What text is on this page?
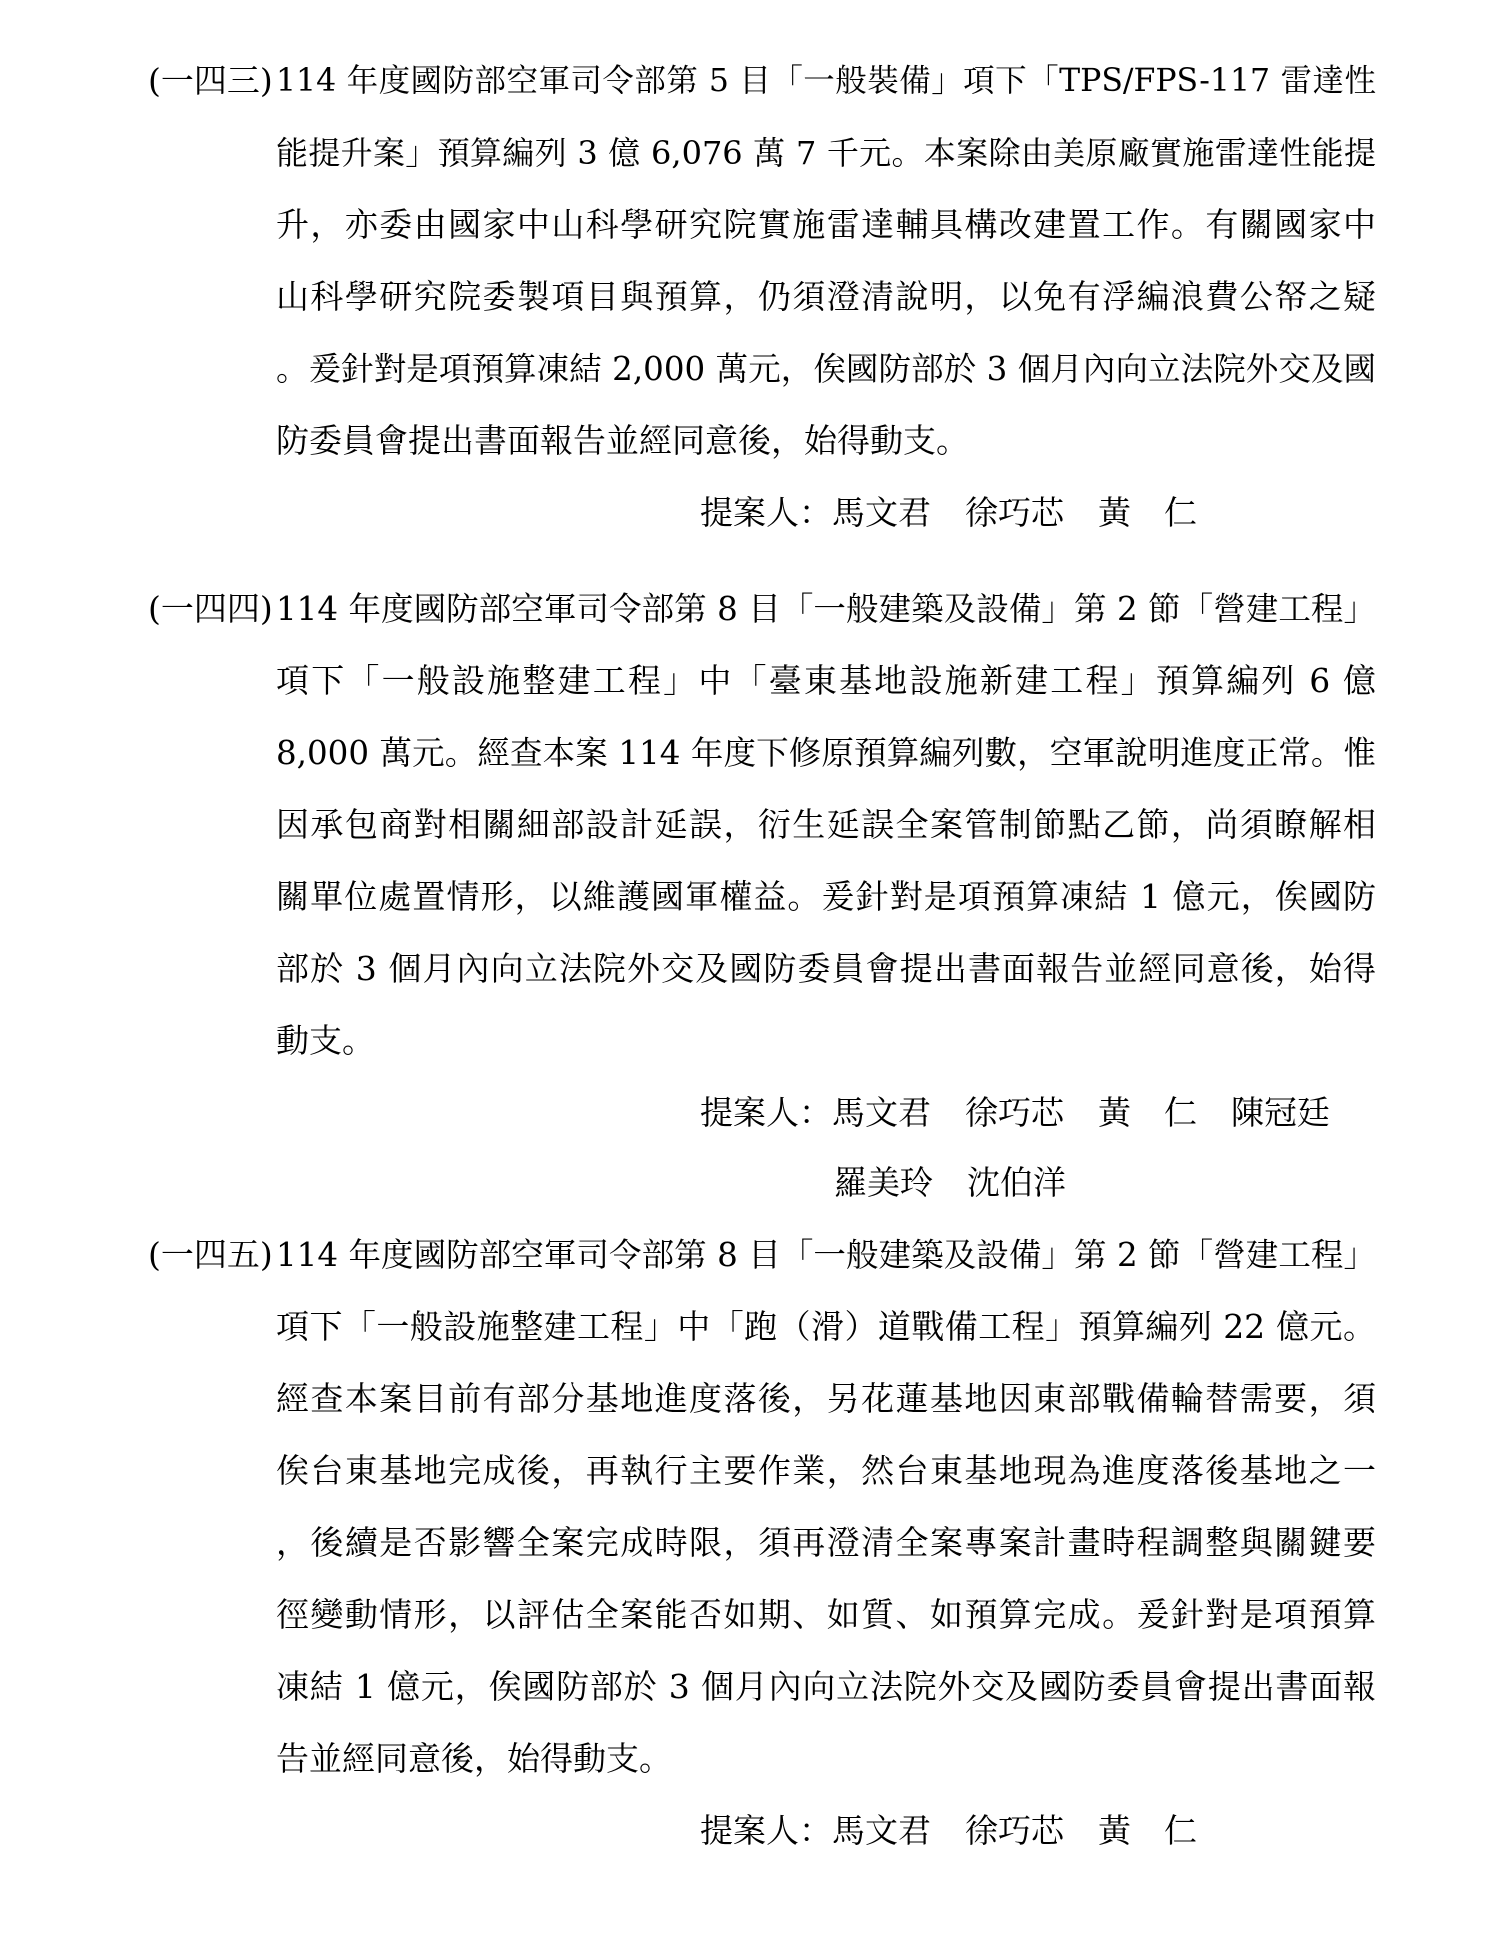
(一四三) 114 年度國防部空軍司令部第 5 目「一般裝備」項下「TPS/FPS-117 雷達性
能提升案」預算編列 3 億 6,076 萬 7 千元。本案除由美原廠實施雷達性能提
升，亦委由國家中山科學研究院實施雷達輔具構改建置工作。有關國家中
山科學研究院委製項目與預算，仍須澄清說明，以免有浮編浪費公帑之疑
。爰針對是項預算凍結 2,000 萬元，俟國防部於 3 個月內向立法院外交及國
防委員會提出書面報告並經同意後，始得動支。
提案人：馬文君 徐巧芯 黃　仁
(一四四) 114 年度國防部空軍司令部第 8 目「一般建築及設備」第 2 節「營建工程」
項下「一般設施整建工程」中「臺東基地設施新建工程」預算編列 6 億
8,000 萬元。經查本案 114 年度下修原預算編列數，空軍說明進度正常。惟
因承包商對相關細部設計延誤，衍生延誤全案管制節點乙節，尚須瞭解相
關單位處置情形，以維護國軍權益。爰針對是項預算凍結 1 億元，俟國防
部於 3 個月內向立法院外交及國防委員會提出書面報告並經同意後，始得
動支。
提案人：馬文君 徐巧芯 黃　仁 陳冠廷
羅美玲 沈伯洋
(一四五) 114 年度國防部空軍司令部第 8 目「一般建築及設備」第 2 節「營建工程」
項下「一般設施整建工程」中「跑（滑）道戰備工程」預算編列 22 億元。
經查本案目前有部分基地進度落後，另花蓮基地因東部戰備輪替需要，須
俟台東基地完成後，再執行主要作業，然台東基地現為進度落後基地之一
，後續是否影響全案完成時限，須再澄清全案專案計畫時程調整與關鍵要
徑變動情形，以評估全案能否如期、如質、如預算完成。爰針對是項預算
凍結 1 億元，俟國防部於 3 個月內向立法院外交及國防委員會提出書面報
告並經同意後，始得動支。
提案人：馬文君 徐巧芯 黃　仁
